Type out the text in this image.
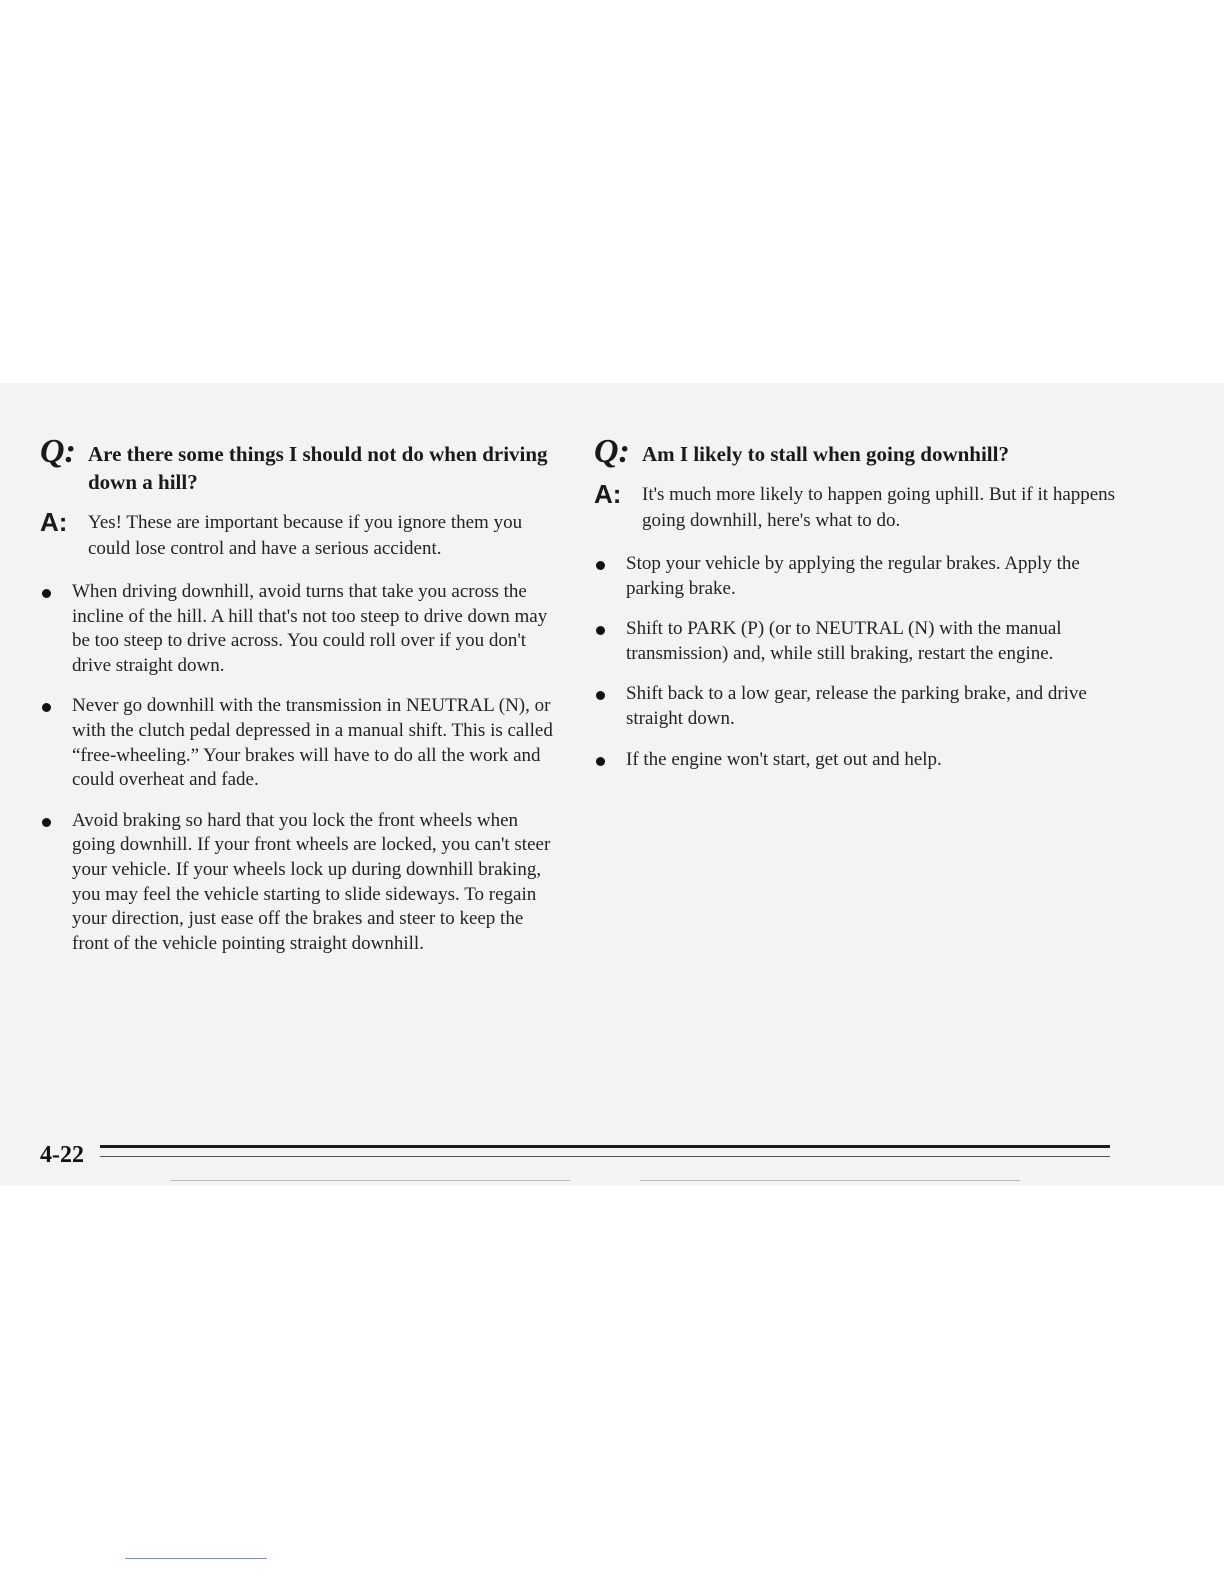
Q: Are there some things I should not do when driving down a hill?

A: Yes! These are important because if you ignore them you could lose control and have a serious accident.

When driving downhill, avoid turns that take you across the incline of the hill. A hill that's not too steep to drive down may be too steep to drive across. You could roll over if you don't drive straight down.
Never go downhill with the transmission in NEUTRAL (N), or with the clutch pedal depressed in a manual shift. This is called “free-wheeling.” Your brakes will have to do all the work and could overheat and fade.
Avoid braking so hard that you lock the front wheels when going downhill. If your front wheels are locked, you can't steer your vehicle. If your wheels lock up during downhill braking, you may feel the vehicle starting to slide sideways. To regain your direction, just ease off the brakes and steer to keep the front of the vehicle pointing straight downhill.
Q: Am I likely to stall when going downhill?

A: It's much more likely to happen going uphill. But if it happens going downhill, here's what to do.

Stop your vehicle by applying the regular brakes. Apply the parking brake.
Shift to PARK (P) (or to NEUTRAL (N) with the manual transmission) and, while still braking, restart the engine.
Shift back to a low gear, release the parking brake, and drive straight down.
If the engine won't start, get out and help.
4-22
